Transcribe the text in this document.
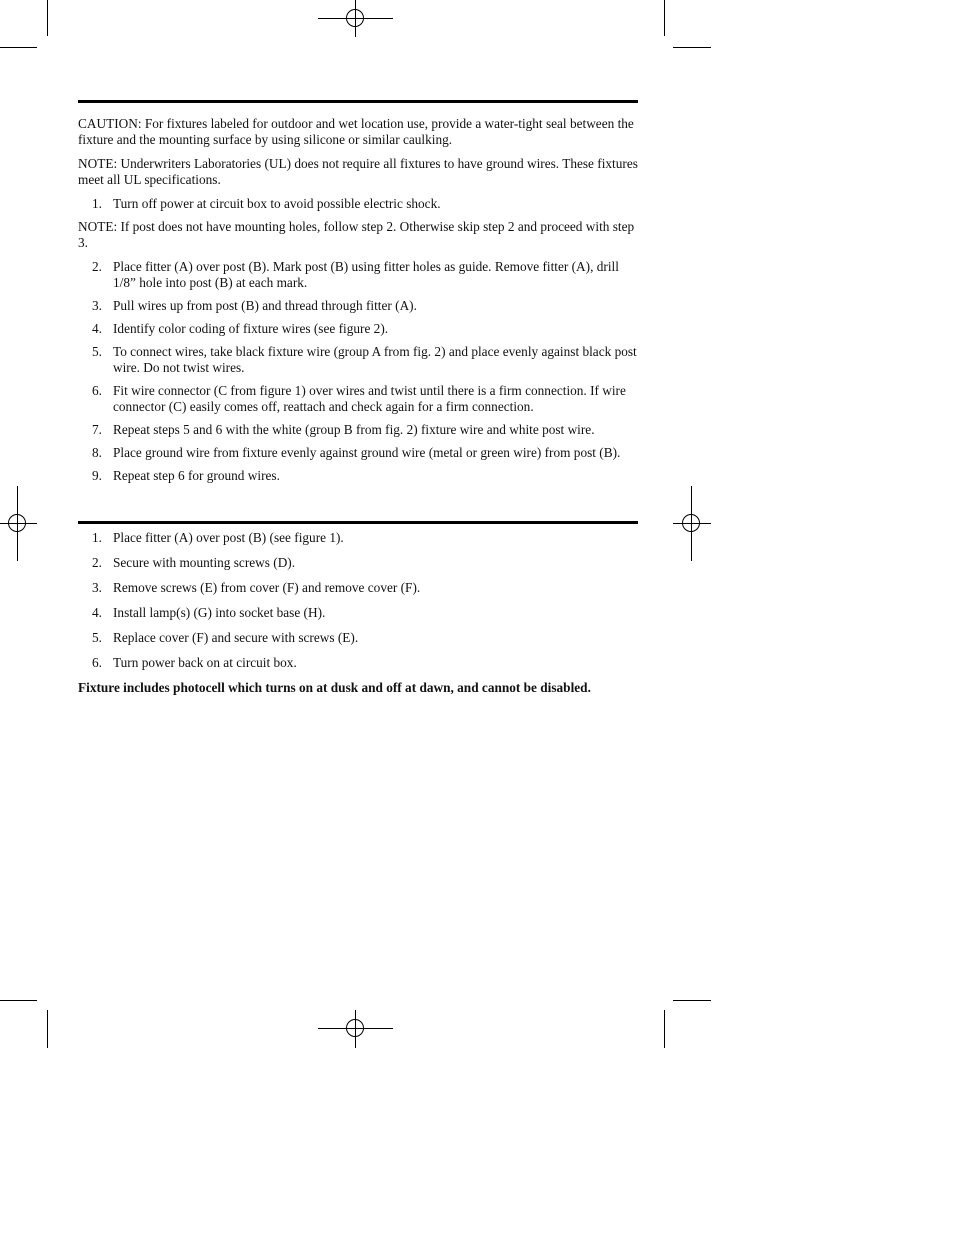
CAUTION: For fixtures labeled for outdoor and wet location use, provide a water-tight seal between the fixture and the mounting surface by using silicone or similar caulking.

NOTE: Underwriters Laboratories (UL) does not require all fixtures to have ground wires. These fixtures meet all UL specifications.

1. Turn off power at circuit box to avoid possible electric shock.

NOTE: If post does not have mounting holes, follow step 2. Otherwise skip step 2 and proceed with step 3.

2. Place fitter (A) over post (B). Mark post (B) using fitter holes as guide. Remove fitter (A), drill 1/8” hole into post (B) at each mark.
3. Pull wires up from post (B) and thread through fitter (A).
4. Identify color coding of fixture wires (see figure 2).
5. To connect wires, take black fixture wire (group A from fig. 2) and place evenly against black post wire. Do not twist wires.
6. Fit wire connector (C from figure 1) over wires and twist until there is a firm connection. If wire connector (C) easily comes off, reattach and check again for a firm connection.
7. Repeat steps 5 and 6 with the white (group B from fig. 2) fixture wire and white post wire.
8. Place ground wire from fixture evenly against ground wire (metal or green wire) from post (B).
9. Repeat step 6 for ground wires.
1. Place fitter (A) over post (B) (see figure 1).
2. Secure with mounting screws (D).
3. Remove screws (E) from cover (F) and remove cover (F).
4. Install lamp(s) (G) into socket base (H).
5. Replace cover (F) and secure with screws (E).
6. Turn power back on at circuit box.

Fixture includes photocell which turns on at dusk and off at dawn, and cannot be disabled.
